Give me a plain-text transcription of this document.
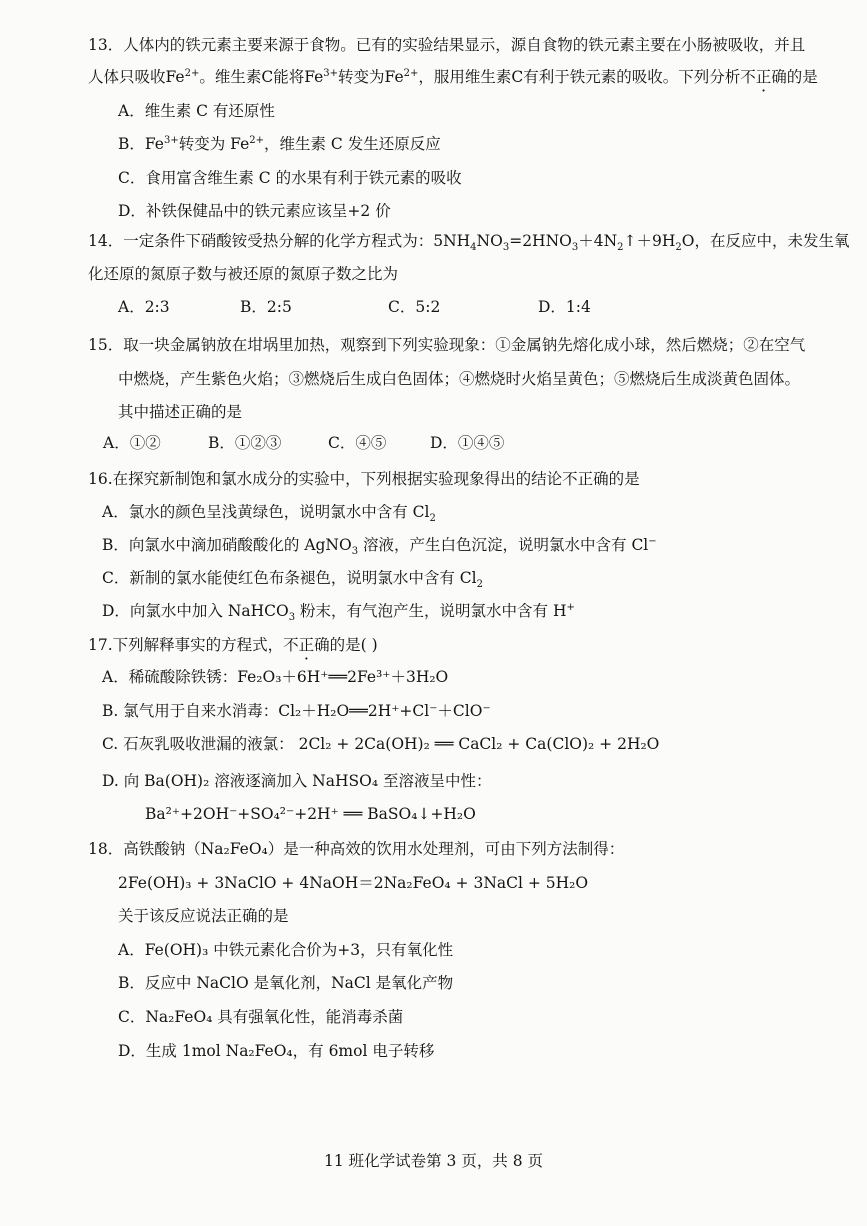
13．人体内的铁元素主要来源于食物。已有的实验结果显示，源自食物的铁元素主要在小肠被吸收，并且
人体只吸收$Fe^{2+}$。维生素C能将$Fe^{3+}$转变为$Fe^{2+}$，服用维生素C有利于铁元素的吸收。下列分析不正确的是
A．维生素 C 有还原性
B．$Fe^{3+}$转变为 $Fe^{2+}$，维生素 C 发生还原反应
C．食用富含维生素 C 的水果有利于铁元素的吸收
D．补铁保健品中的铁元素应该呈+2 价
14．一定条件下硝酸铵受热分解的化学方程式为：$5NH_4NO_3=2HNO_3+4N_2↑+9H_2O$，在反应中，未发生氧
化还原的氮原子数与被还原的氮原子数之比为
A．2:3	B．2:5	C．5:2	D．1:4
15．取一块金属钠放在坩埚里加热，观察到下列实验现象：①金属钠先熔化成小球，然后燃烧；②在空气
中燃烧，产生紫色火焰；③燃烧后生成白色固体；④燃烧时火焰呈黄色；⑤燃烧后生成淡黄色固体。
其中描述正确的是
A．①②	B．①②③	C．④⑤	D．①④⑤
16.在探究新制饱和氯水成分的实验中，下列根据实验现象得出的结论不正确的是
A．氯水的颜色呈浅黄绿色，说明氯水中含有 $Cl_2$
B．向氯水中滴加硝酸酸化的 AgNO$_3$ 溶液，产生白色沉淀，说明氯水中含有 Cl−
C．新制的氯水能使红色布条褪色，说明氯水中含有 $Cl_2$
D．向氯水中加入 NaHCO$_3$ 粉末，有气泡产生，说明氯水中含有 H+
17.下列解释事实的方程式，不正确的是( )
A．稀硫酸除铁锈：Fe₂O₃＋6H⁺══2Fe³⁺＋3H₂O
B. 氯气用于自来水消毒：Cl₂＋H₂O══2H⁺+Cl⁻＋ClO⁻
C. 石灰乳吸收泄漏的液氯： 2Cl₂ + 2Ca(OH)₂ ══ CaCl₂ + Ca(ClO)₂ + 2H₂O
D. 向 Ba(OH)₂ 溶液逐滴加入 NaHSO₄ 至溶液呈中性：
Ba²⁺+2OH⁻+SO₄²⁻+2H⁺ ══ BaSO₄↓+H₂O
18．高铁酸钠（Na₂FeO₄）是一种高效的饮用水处理剂，可由下列方法制得：
2Fe(OH)₃ + 3NaClO + 4NaOH＝2Na₂FeO₄ + 3NaCl + 5H₂O
关于该反应说法正确的是
A．Fe(OH)₃ 中铁元素化合价为+3，只有氧化性
B．反应中 NaClO 是氧化剂，NaCl 是氧化产物
C．Na₂FeO₄ 具有强氧化性，能消毒杀菌
D．生成 1mol Na₂FeO₄，有 6mol 电子转移
11 班化学试卷第 3 页，共 8 页
